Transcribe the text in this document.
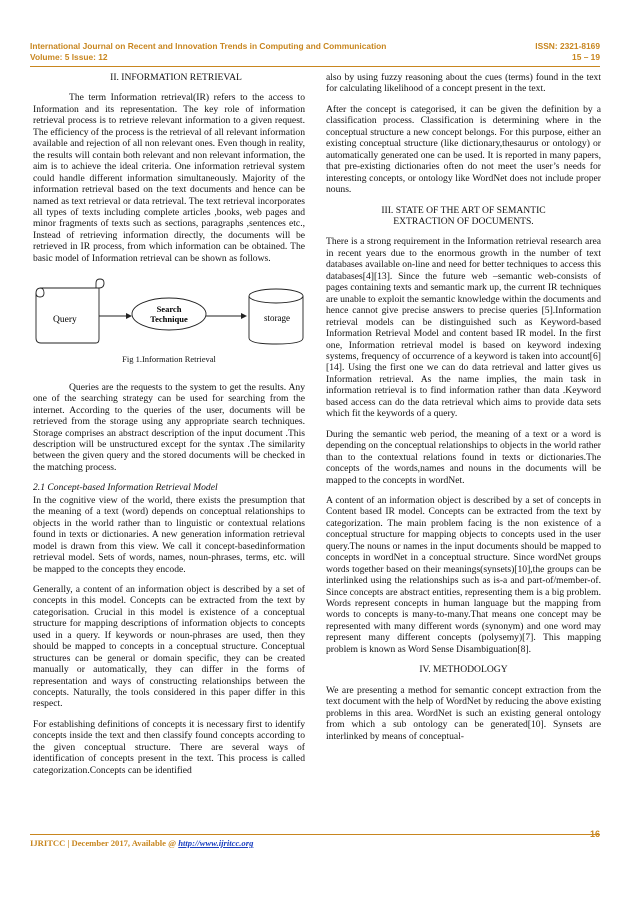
International Journal on Recent and Innovation Trends in Computing and Communication	ISSN: 2321-8169
Volume: 5 Issue: 12	15 – 19
II. INFORMATION RETRIEVAL

The term Information retrieval(IR) refers to the access to Information and its representation. The key role of information retrieval process is to retrieve relevant information to a given request. The efficiency of the process is the retrieval of all relevant information available and rejection of all non relevant ones. Even though in reality, the results will contain both relevant and non relevant information, the aim is to achieve the ideal criteria. One information retrieval system could handle different information simultaneously. Majority of the information retrieval based on the text documents and hence can be named as text retrieval or data retrieval. The text retrieval incorporates all types of texts including complete articles ,books, web pages and minor fragments of texts such as sections, paragraphs ,sentences etc., Instead of retrieving information directly, the documents will be retrieved in IR process, from which information can be obtained. The basic model of Information retrieval can be shown as follows.

Query
Search
Technique	storage
Fig 1.Information Retrieval

Queries are the requests to the system to get the results. Any one of the searching strategy can be used for searching from the internet. According to the queries of the user, documents will be retrieved from the storage using any appropriate search techniques. Storage comprises an abstract description of the input document .This description will be unstructured except for the syntax .The similarity between the given query and the stored documents will be checked in the matching process.

2.1 Concept-based Information Retrieval Model

In the cognitive view of the world, there exists the presumption that the meaning of a text (word) depends on conceptual relationships to objects in the world rather than to linguistic or contextual relations found in texts or dictionaries. A new generation information retrieval model is drawn from this view. We call it concept-basedinformation retrieval model. Sets of words, names, noun-phrases, terms, etc. will be mapped to the concepts they encode.

Generally, a content of an information object is described by a set of concepts in this model. Concepts can be extracted from the text by categorisation. Crucial in this model is existence of a conceptual structure for mapping descriptions of information objects to concepts used in a query. If keywords or noun-phrases are used, then they should be mapped to concepts in a conceptual structure. Conceptual structures can be general or domain specific, they can be created manually or automatically, they can differ in the forms of representation and ways of constructing relationships between the concepts. Naturally, the tools considered in this paper differ in this respect.

For establishing definitions of concepts it is necessary first to identify concepts inside the text and then classify found concepts according to the given conceptual structure. There are several ways of identification of concepts present in the text. This process is called categorization.Concepts can be identified

also by using fuzzy reasoning about the cues (terms) found in the text for calculating likelihood of a concept present in the text.

After the concept is categorised, it can be given the definition by a classification process. Classification is determining where in the conceptual structure a new concept belongs. For this purpose, either an existing conceptual structure (like dictionary,thesaurus or ontology) or automatically generated one can be used. It is reported in many papers, that pre-existing dictionaries often do not meet the user’s needs for interesting concepts, or ontology like WordNet does not include proper nouns.

III. STATE OF THE ART OF SEMANTIC
EXTRACTION OF DOCUMENTS.

There is a strong requirement in the Information retrieval research area in recent years due to the enormous growth in the number of text databases available on-line and need for better techniques to access this databases[4][13]. Since the future web –semantic web-consists of pages containing texts and semantic mark up, the current IR techniques are unable to exploit the semantic knowledge within the documents and hence cannot give precise answers to precise queries [5].Information retrieval models can be distinguished such as Keyword-based Information Retrieval Model and content based IR model. In the first one, Information retrieval model is based on keyword indexing systems, frequency of occurrence of a keyword is taken into account[6][14]. Using the first one we can do data retrieval and latter gives us Information retrieval. As the name implies, the main task in information retrieval is to find information rather than data .Keyword based access can do the data retrieval which aims to provide data sets which fit the keywords of a query.

During the semantic web period, the meaning of a text or a word is depending on the conceptual relationships to objects in the world rather than to the contextual relations found in texts or dictionaries.The concepts of the words,names and nouns in the documents will be mapped to the concepts in wordNet.

A content of an information object is described by a set of concepts in Content based IR model. Concepts can be extracted from the text by categorization. The main problem facing is the non existence of a conceptual structure for mapping objects to concepts used in the user query.The nouns or names in the input documents should be mapped to concepts in wordNet in a conceptual structure. Since wordNet groups words together based on their meanings(synsets)[10],the groups can be interlinked using the relationships such as is-a and part-of/member-of. Since concepts are abstract entities, representing them is a big problem. Words represent concepts in human language but the mapping from words to concepts is many-to-many.That means one concept may be represented with many different words (synonym) and one word may represent many different concepts (polysemy)[7]. This mapping problem is known as Word Sense Disambiguation[8].

IV. METHODOLOGY

We are presenting a method for semantic concept extraction from the text document with the help of WordNet by reducing the above existing problems in this area. WordNet is such an existing general ontology from which a sub ontology can be generated[10]. Synsets are interlinked by means of conceptual-

16
IJRITCC | December 2017, Available @ http://www.ijritcc.org
